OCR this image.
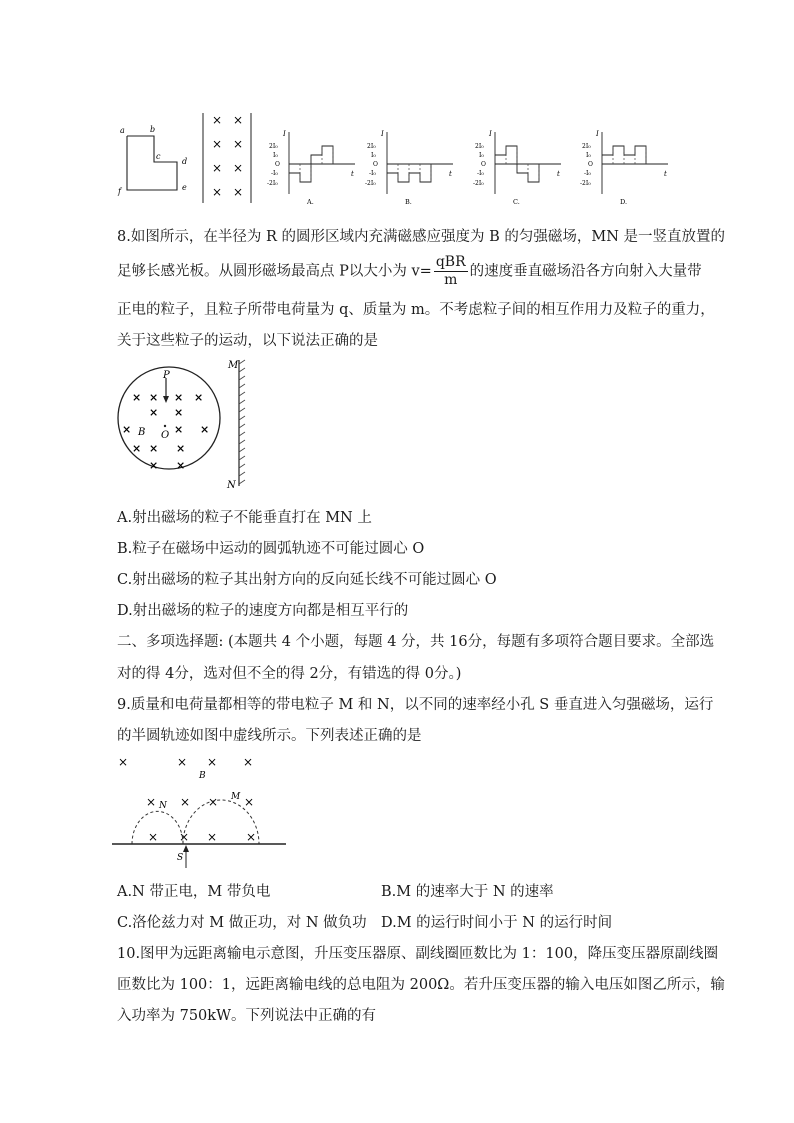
a	b
c
d
e
f
× ×
× ×
× ×
× ×
I
t
2I₀
I₀
O
-I₀
-2I₀
A.
I
t
2I₀
I₀
O
-I₀
-2I₀
B.
I
t
2I₀
I₀
O
-I₀
-2I₀
C.
I
t
2I₀
I₀
O
-I₀
-2I₀
D.
8.如图所示，在半径为 R 的圆形区域内充满磁感应强度为 B 的匀强磁场，MN 是一竖直放置的
足够长感光板。从圆形磁场最高点 P以大小为 $v= \frac{\text{qBR}}{m}$ 的速度垂直磁场沿各方向射入大量带
正电的粒子，且粒子所带电荷量为 q、质量为 m。不考虑粒子间的相互作用力及粒子的重力，
关于这些粒子的运动，以下说法正确的是
× × × ×
× ×
×	× ×
× × ×
× ×
P
B O
M
N
A.射出磁场的粒子不能垂直打在 MN 上
B.粒子在磁场中运动的圆弧轨迹不可能过圆心 O
C.射出磁场的粒子其出射方向的反向延长线不可能过圆心 O
D.射出磁场的粒子的速度方向都是相互平行的
二、多项选择题: (本题共 4 个小题，每题 4 分，共 16分，每题有多项符合题目要求。全部选
对的得 4分，选对但不全的得 2分，有错选的得 0分。)
9.质量和电荷量都相等的带电粒子 M 和 N，以不同的速率经小孔 S 垂直进入匀强磁场，运行
的半圆轨迹如图中虚线所示。下列表述正确的是
×	× × ×
× × × ×
× × × ×
B
N
M
S
A.N 带正电，M 带负电	B.M 的速率大于 N 的速率
C.洛伦兹力对 M 做正功，对 N 做负功 D.M 的运行时间小于 N 的运行时间
10.图甲为远距离输电示意图，升压变压器原、副线圈匝数比为 1：100，降压变压器原副线圈
匝数比为 100：1，远距离输电线的总电阻为 200Ω。若升压变压器的输入电压如图乙所示，输
入功率为 750kW。下列说法中正确的有
